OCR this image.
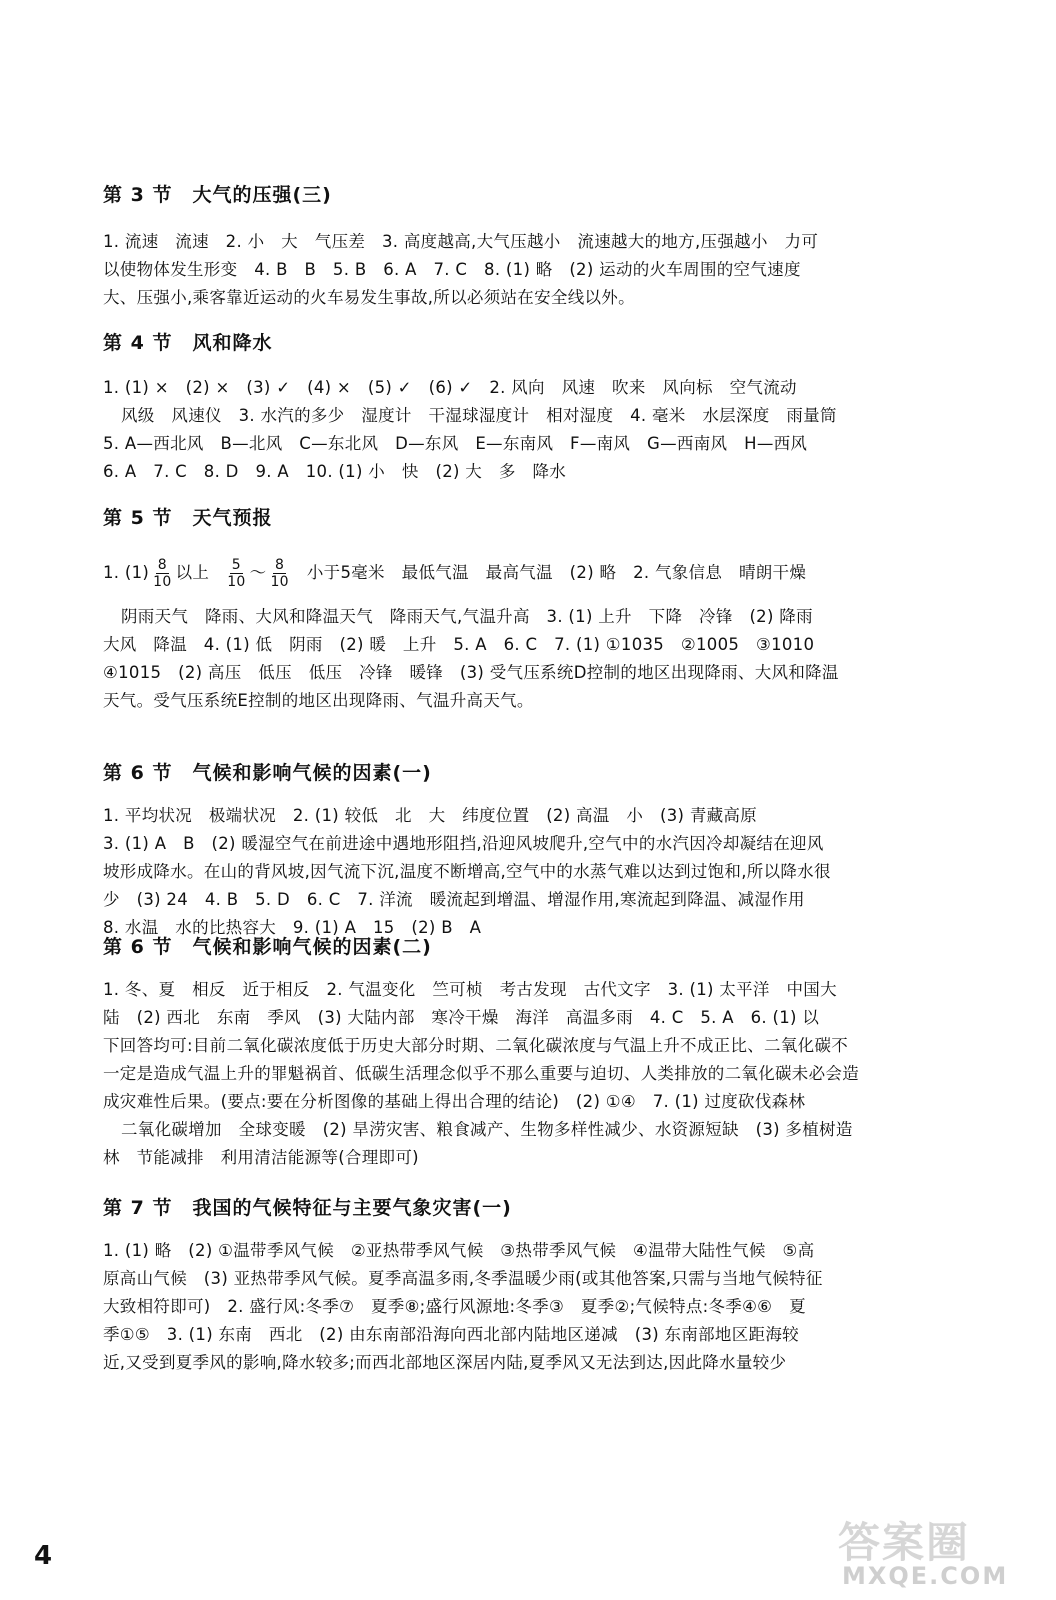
第 3 节　大气的压强(三)
1. 流速　流速　2. 小　大　气压差　3. 高度越高,大气压越小　流速越大的地方,压强越小　力可
以使物体发生形变　4. B　B　5. B　6. A　7. C　8. (1) 略　(2) 运动的火车周围的空气速度
大、压强小,乘客靠近运动的火车易发生事故,所以必须站在安全线以外。
第 4 节　风和降水
1. (1) ×　(2) ×　(3) ✓　(4) ×　(5) ✓　(6) ✓　2. 风向　风速　吹来　风向标　空气流动
风级　风速仪　3. 水汽的多少　湿度计　干湿球湿度计　相对湿度　4. 毫米　水层深度　雨量筒
5. A—西北风　B—北风　C—东北风　D—东风　E—东南风　F—南风　G—西南风　H—西风
6. A　7. C　8. D　9. A　10. (1) 小　快　(2) 大　多　降水
第 5 节　天气预报
1. $(1) \frac{8}{10}$ 以上 $\frac{5}{10}$ ～ $\frac{8}{10}$ 小于5毫米　最低气温　最高气温　(2) 略　2. 气象信息　晴朗干燥
阴雨天气　降雨、大风和降温天气　降雨天气,气温升高　3. (1) 上升　下降　冷锋　(2) 降雨
大风　降温　4. (1) 低　阴雨　(2) 暖　上升　5. A　6. C　7. (1) ①1035　②1005　③1010
④1015　(2) 高压　低压　低压　冷锋　暖锋　(3) 受气压系统D控制的地区出现降雨、大风和降温
天气。受气压系统E控制的地区出现降雨、气温升高天气。
第 6 节　气候和影响气候的因素(一)
1. 平均状况　极端状况　2. (1) 较低　北　大　纬度位置　(2) 高温　小　(3) 青藏高原
3. (1) A　B　(2) 暖湿空气在前进途中遇地形阻挡,沿迎风坡爬升,空气中的水汽因冷却凝结在迎风
坡形成降水。在山的背风坡,因气流下沉,温度不断增高,空气中的水蒸气难以达到过饱和,所以降水很
少　(3) 24　4. B　5. D　6. C　7. 洋流　暖流起到增温、增湿作用,寒流起到降温、减湿作用
8. 水温　水的比热容大　9. (1) A　15　(2) B　A
第 6 节　气候和影响气候的因素(二)
1. 冬、夏　相反　近于相反　2. 气温变化　竺可桢　考古发现　古代文字　3. (1) 太平洋　中国大
陆　(2) 西北　东南　季风　(3) 大陆内部　寒冷干燥　海洋　高温多雨　4. C　5. A　6. (1) 以
下回答均可:目前二氧化碳浓度低于历史大部分时期、二氧化碳浓度与气温上升不成正比、二氧化碳不
一定是造成气温上升的罪魁祸首、低碳生活理念似乎不那么重要与迫切、人类排放的二氧化碳未必会造
成灾难性后果。(要点:要在分析图像的基础上得出合理的结论)　(2) ①④　7. (1) 过度砍伐森林
二氧化碳增加　全球变暖　(2) 旱涝灾害、粮食减产、生物多样性减少、水资源短缺　(3) 多植树造
林　节能减排　利用清洁能源等(合理即可)
第 7 节　我国的气候特征与主要气象灾害(一)
1. (1) 略　(2) ①温带季风气候　②亚热带季风气候　③热带季风气候　④温带大陆性气候　⑤高
原高山气候　(3) 亚热带季风气候。夏季高温多雨,冬季温暖少雨(或其他答案,只需与当地气候特征
大致相符即可)　2. 盛行风:冬季⑦　夏季⑧;盛行风源地:冬季③　夏季②;气候特点:冬季④⑥　夏
季①⑤　3. (1) 东南　西北　(2) 由东南部沿海向西北部内陆地区递减　(3) 东南部地区距海较
近,又受到夏季风的影响,降水较多;而西北部地区深居内陆,夏季风又无法到达,因此降水量较少
4	答案圈
MXQE.COM
